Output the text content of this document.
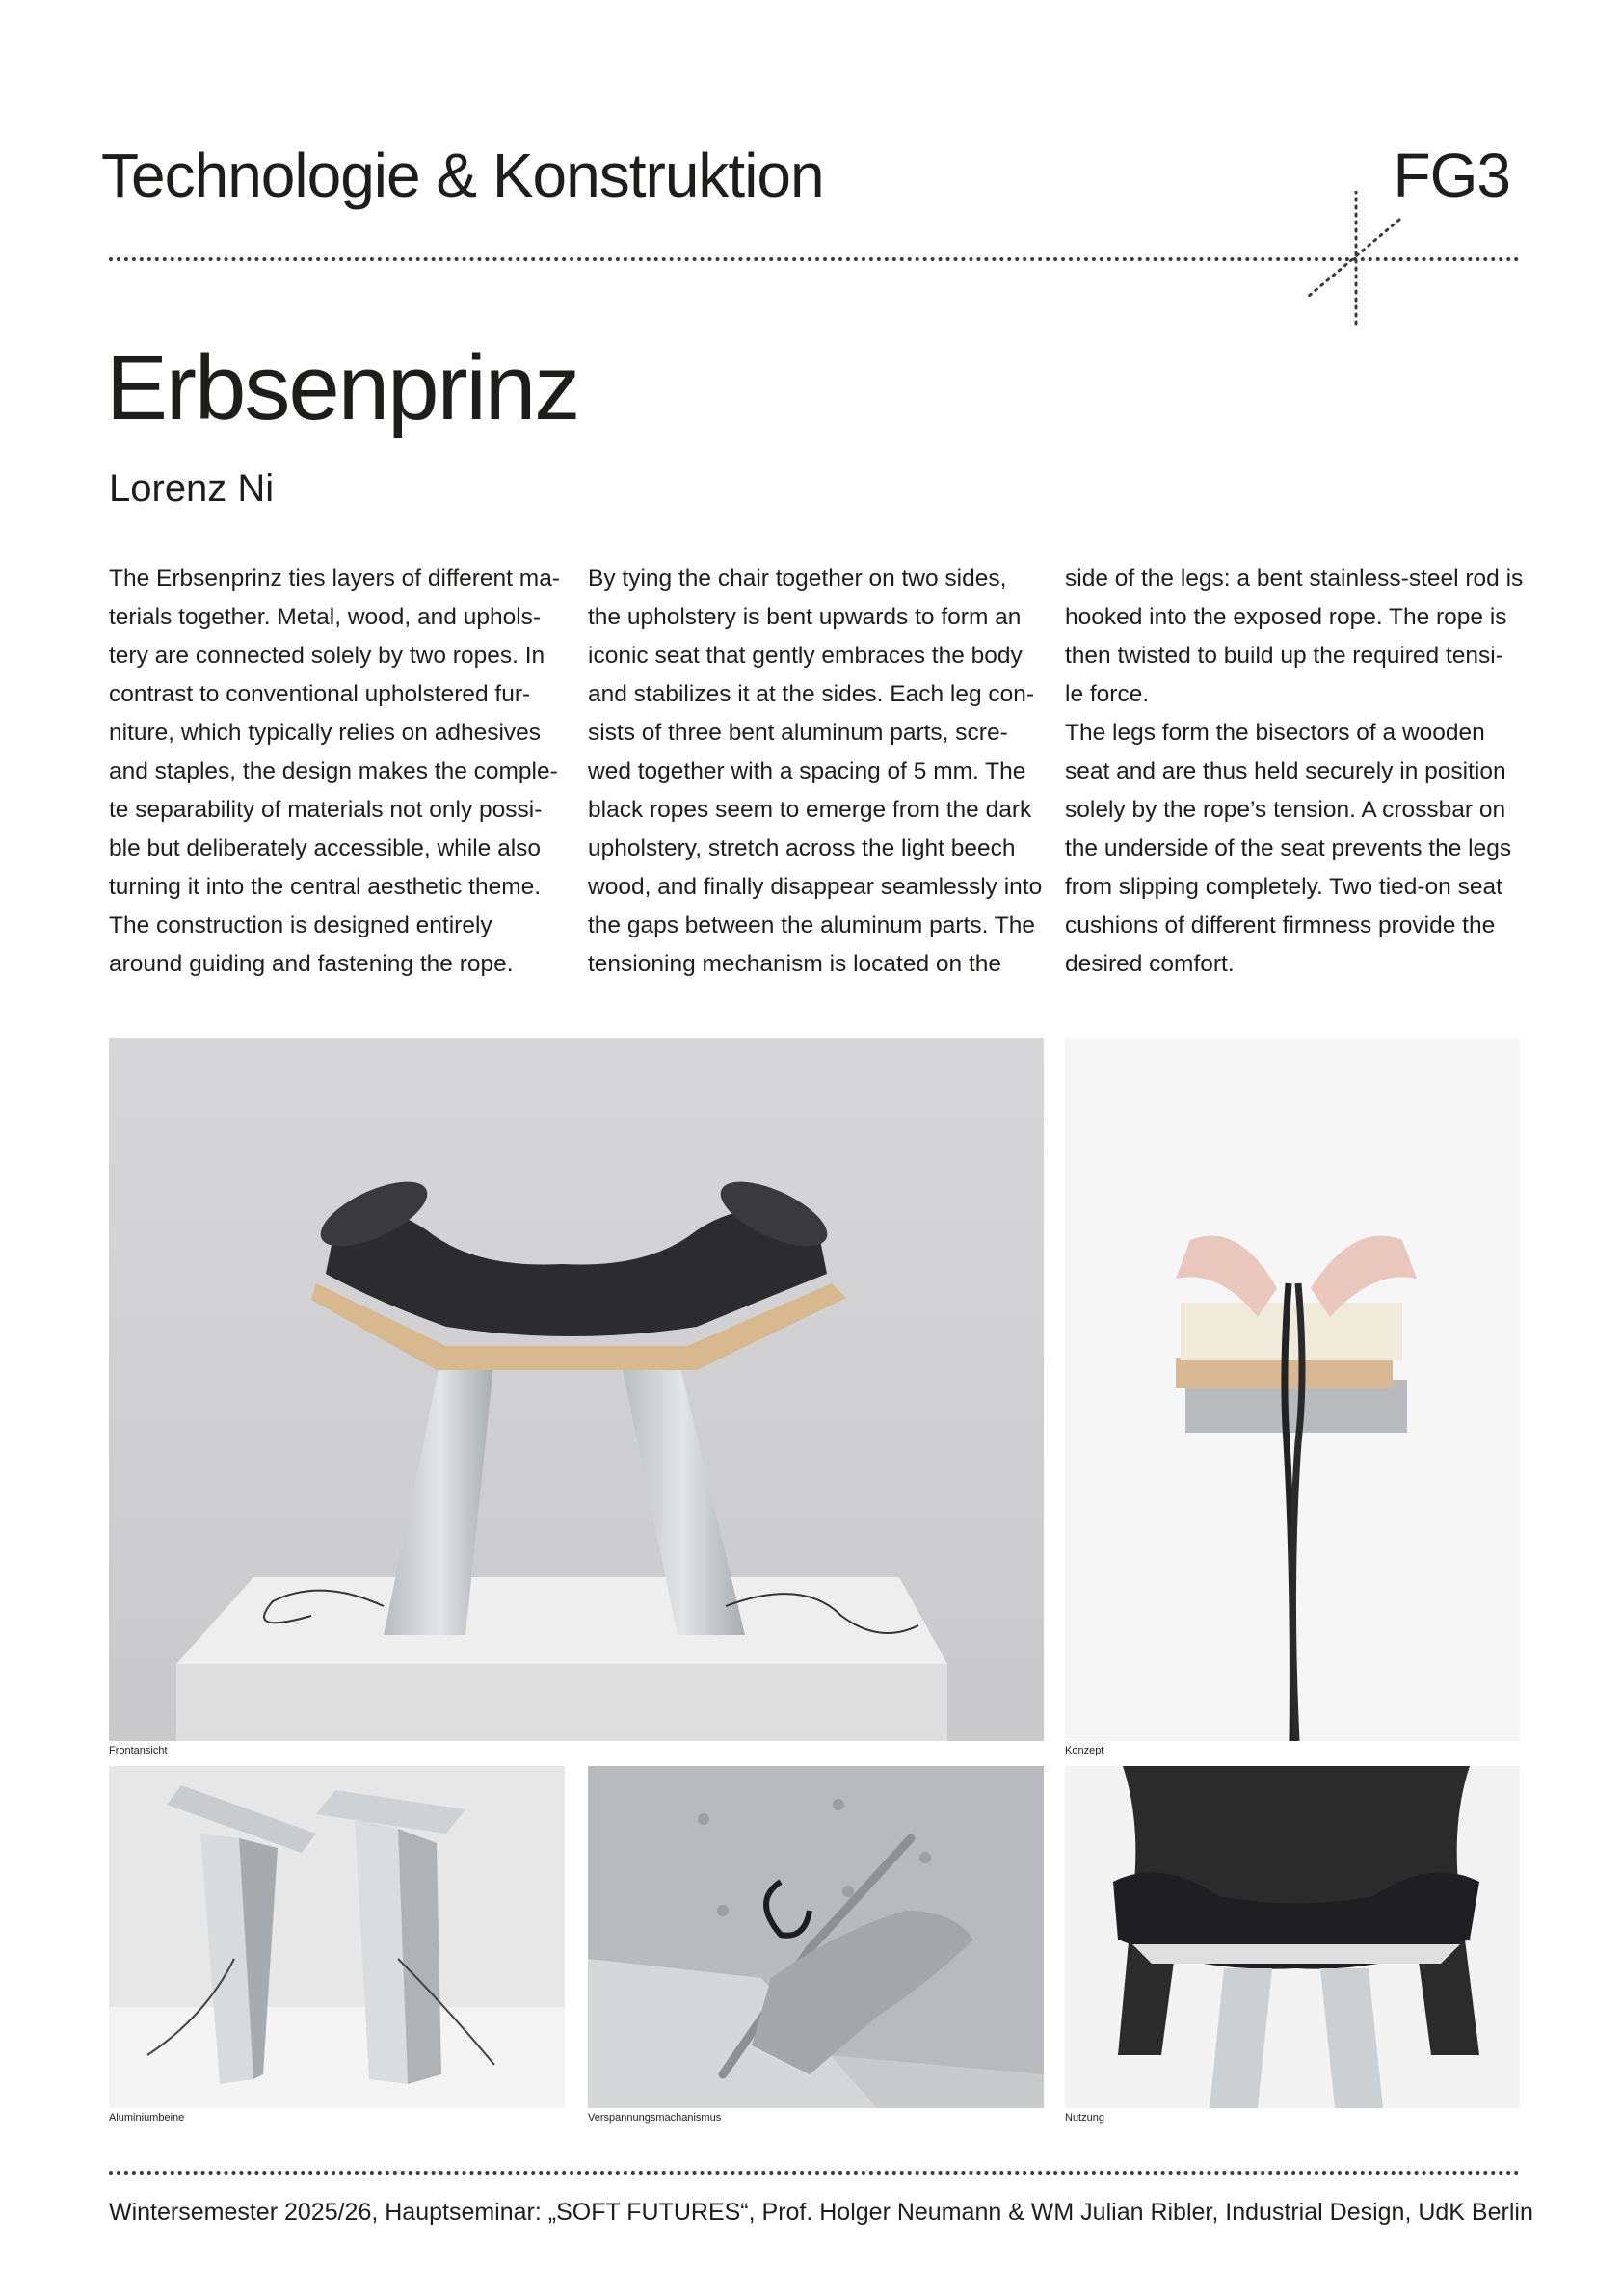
Technologie & Konstruktion	FG3
Erbsenprinz
Lorenz Ni
The Erbsenprinz ties layers of different ma-
terials together. Metal, wood, and uphols-
tery are connected solely by two ropes. In
contrast to conventional upholstered fur-
niture, which typically relies on adhesives
and staples, the design makes the comple-
te separability of materials not only possi-
ble but deliberately accessible, while also
turning it into the central aesthetic theme.
The construction is designed entirely
around guiding and fastening the rope.
By tying the chair together on two sides,
the upholstery is bent upwards to form an
iconic seat that gently embraces the body
and stabilizes it at the sides. Each leg con-
sists of three bent aluminum parts, scre-
wed together with a spacing of 5 mm. The
black ropes seem to emerge from the dark
upholstery, stretch across the light beech
wood, and finally disappear seamlessly into
the gaps between the aluminum parts. The
tensioning mechanism is located on the
side of the legs: a bent stainless-steel rod is
hooked into the exposed rope. The rope is
then twisted to build up the required tensi-
le force.
The legs form the bisectors of a wooden
seat and are thus held securely in position
solely by the rope’s tension. A crossbar on
the underside of the seat prevents the legs
from slipping completely. Two tied-on seat
cushions of different firmness provide the
desired comfort.
Frontansicht	Konzept
Aluminiumbeine	Verspannungsmachanismus	Nutzung
Wintersemester 2025/26, Hauptseminar: „SOFT FUTURES“, Prof. Holger Neumann & WM Julian Ribler, Industrial Design, UdK Berlin
